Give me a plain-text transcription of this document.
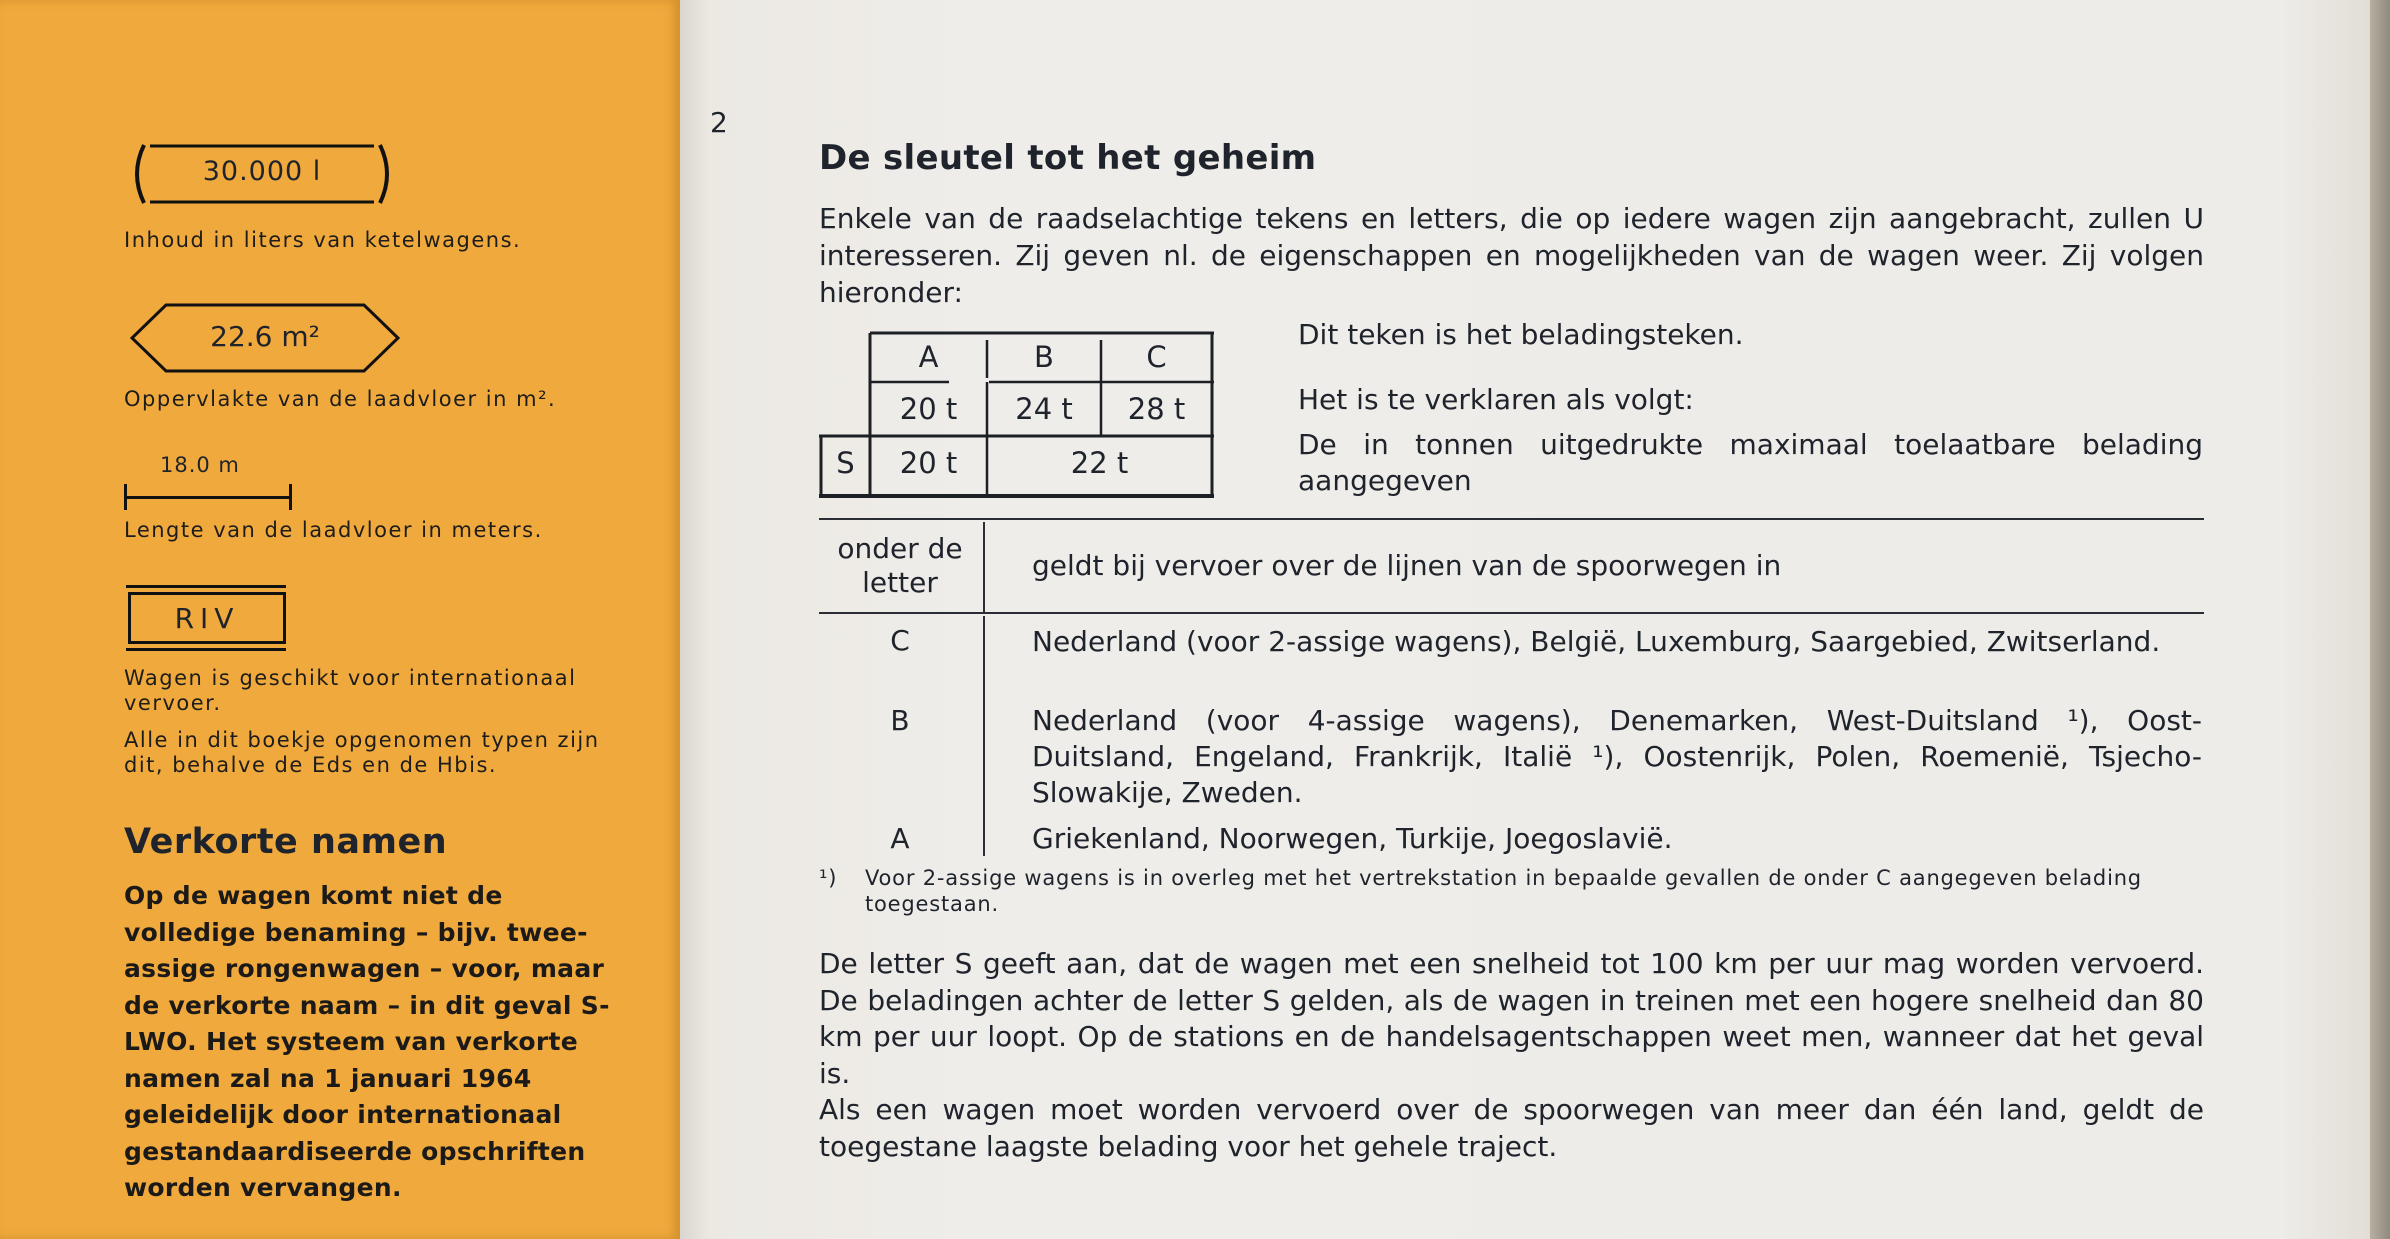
30.000 l
Inhoud in liters van ketelwagens.
22.6 m²
Oppervlakte van de laadvloer in m².
18.0 m
Lengte van de laadvloer in meters.
RIV
Wagen is geschikt voor internationaal vervoer.
Alle in dit boekje opgenomen typen zijn dit, behalve de Eds en de Hbis.
Verkorte namen
Op de wagen komt niet de volledige benaming – bijv. twee-assige rongenwagen – voor, maar de verkorte naam – in dit geval S-LWO. Het systeem van verkorte namen zal na 1 januari 1964 geleidelijk door internationaal gestandaardiseerde opschriften worden vervangen.
2
De sleutel tot het geheim
Enkele van de raadselachtige tekens en letters, die op iedere wagen zijn aangebracht, zullen U interesseren. Zij geven nl. de eigenschappen en mogelijkheden van de wagen weer. Zij volgen hieronder:
A	B	C
20 t	24 t	28 t
S	20 t	22 t
Dit teken is het beladingsteken.
Het is te verklaren als volgt:
De in tonnen uitgedrukte maximaal toelaatbare belading aangegeven
onder de letter
geldt bij vervoer over de lijnen van de spoorwegen in
C	Nederland (voor 2-assige wagens), België, Luxemburg, Saargebied, Zwitserland.
B	Nederland (voor 4-assige wagens), Denemarken, West-Duitsland ¹), Oost-Duitsland, Engeland, Frankrijk, Italië ¹), Oostenrijk, Polen, Roemenië, Tsjecho-Slowakije, Zweden.
A	Griekenland, Noorwegen, Turkije, Joegoslavië.
¹) Voor 2-assige wagens is in overleg met het vertrekstation in bepaalde gevallen de onder C aangegeven belading toegestaan.

De letter S geeft aan, dat de wagen met een snelheid tot 100 km per uur mag worden vervoerd. De beladingen achter de letter S gelden, als de wagen in treinen met een hogere snelheid dan 80 km per uur loopt. Op de stations en de handelsagentschappen weet men, wanneer dat het geval is.

Als een wagen moet worden vervoerd over de spoorwegen van meer dan één land, geldt de toegestane laagste belading voor het gehele traject.
